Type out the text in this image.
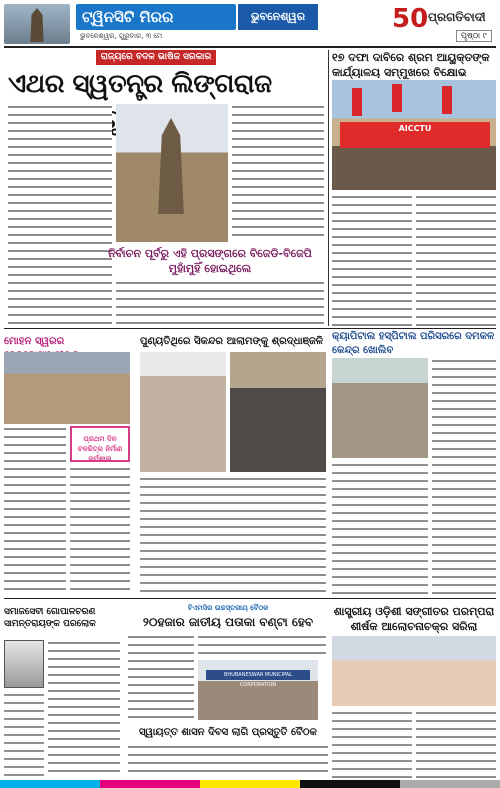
ଟ୍ୱିନସିଟି ମିରର	ଭୁବନେଶ୍ୱର
ଭୁବନେଶ୍ୱର, ଗୁରୁବାର, ୩ ମେ
50 ପ୍ରଗତିବାଦୀ
ପୃଷ୍ଠା ୯
ରାଜ୍ୟରେ ବଦଳ ଭାଷିଜ ସରକାର
ଏଥର ସ୍ୱତନ୍ତ୍ର ଲିଙ୍ଗରାଜ
ନିର୍ବାଚନ ପୂର୍ବରୁ ଏହି ପ୍ରସଙ୍ଗରେ ବିଜେଡି-ବିଜେପି ମୁହାଁମୁହିଁ ହୋଇଥିଲେ
୧୭ ଦଫା ଦାବିରେ ଶ୍ରମ ଆୟୁକ୍ତଙ୍କ କାର୍ଯ୍ୟାଳୟ ସମ୍ମୁଖରେ ବିକ୍ଷୋଭ
AICCTU
ମୋହନ ସ୍ୱରର
ପ୍ରଥମ ଦିନ ଚଳଚ୍ଚିତ୍ର ନିର୍ମାଣ କର୍ମଶାଳା
ପୁଣ୍ୟତିଥିରେ ସିକନ୍ଦର ଆଲାମଙ୍କୁ ଶ୍ରଦ୍ଧାଞ୍ଜଳି କ୍ୟାପିଟାଲ ହସ୍ପିଟାଲ ପରିସରରେ ଦମକଳ କେନ୍ଦ୍ର ଖୋଲିବ
ସମାଜସେବୀ ଗୋପାଳଚରଣ ସାମନ୍ତରାୟଙ୍କ ପରଲୋକ
ବିଏମସିର ଉଚ୍ଚସ୍ତରୀୟ ବୈଠକ
୨୦ହଜାର ଜାତୀୟ ପତାକା ବଣ୍ଟା ହେବ
BHUBANESWAR MUNICIPAL CORPORATION
ସ୍ୱାୟତ୍ତ ଶାସନ ଦିବସ ଲାଗି ପ୍ରସ୍ତୁତି ବୈଠକ
ଶାସ୍ତ୍ରୀୟ ଓଡ଼ିଶୀ ସଙ୍ଗୀତର ପରମ୍ପରା ଶୀର୍ଷକ ଆଲୋଚନାଚକ୍ର ସରିଲା
